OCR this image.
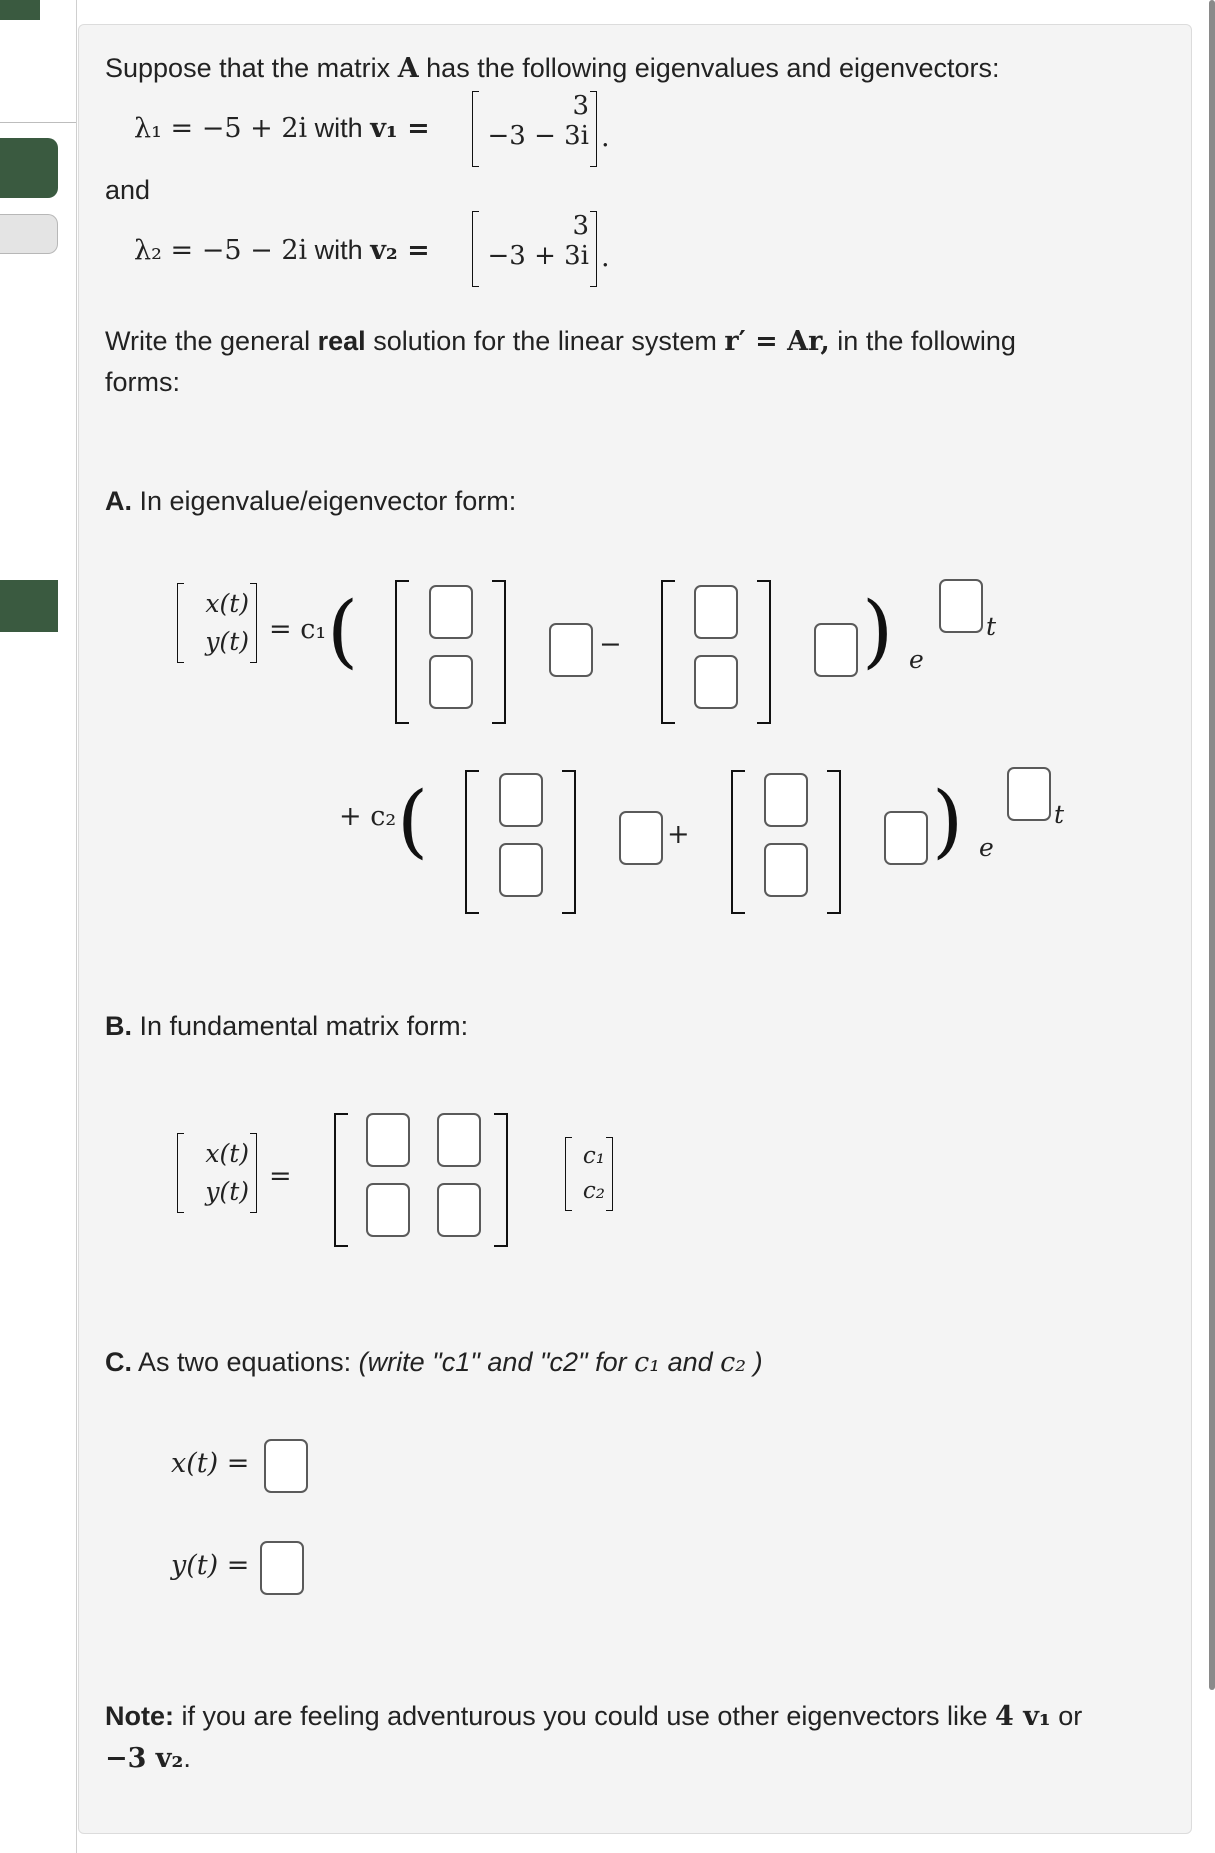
Suppose that the matrix A has the following eigenvalues and eigenvectors:
λ₁ = −5 + 2i with v₁ =
3
−3 − 3i .
and
λ₂ = −5 − 2i with v₂ =
3
−3 + 3i .
Write the general real solution for the linear system r′ = Ar, in the following
forms:
A. In eigenvalue/eigenvector form:
x(t)
y(t) = c₁ (	−	) e
t
+ c₂ (	+	) e
t
B. In fundamental matrix form:
x(t)
y(t) =
c₁
c₂
C. As two equations: (write "c1" and "c2" for c₁ and c₂ )
x(t) =
y(t) =
Note: if you are feeling adventurous you could use other eigenvectors like 4 v₁ or
−3 v₂.
